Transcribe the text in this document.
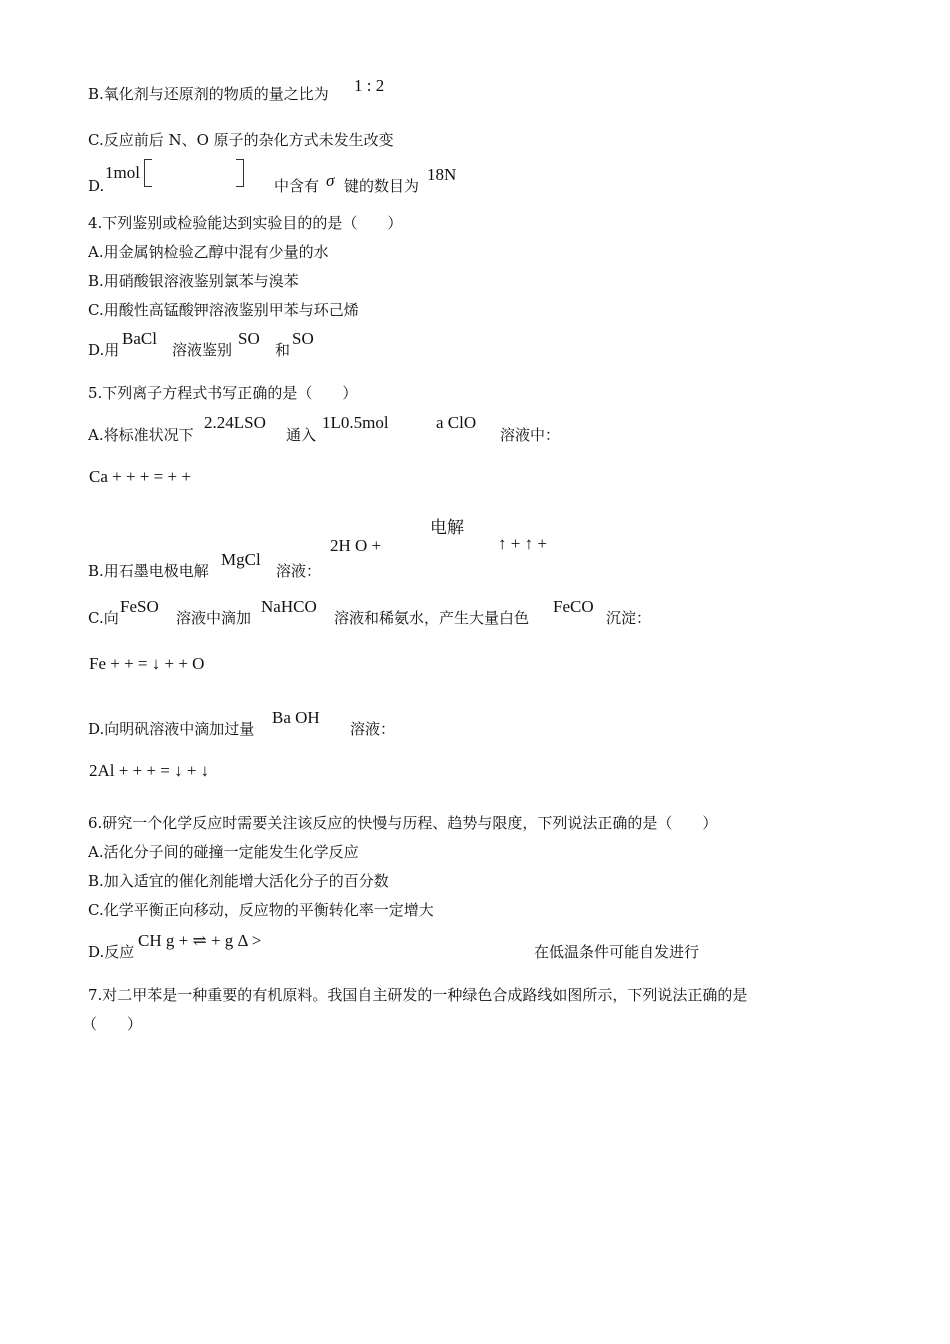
B.氧化剂与还原剂的物质的量之比为 1 : 2
C.反应前后 N、O 原子的杂化方式未发生改变
D.
1mol
中含有 σ 键的数目为
18N
4.下列鉴别或检验能达到实验目的的是（　　）
A.用金属钠检验乙醇中混有少量的水
B.用硝酸银溶液鉴别氯苯与溴苯
C.用酸性高锰酸钾溶液鉴别甲苯与环己烯
D.用
BaCl
溶液鉴别
SO
和
SO
5.下列离子方程式书写正确的是（　　）
A.将标准状况下
2.24LSO
通入
1L0.5mol	a ClO
溶液中：
Ca + + + = + +
2H O +
电解
↑ + ↑ +
B.用石墨电极电解
MgCl
溶液：
C.向
FeSO
溶液中滴加
NaHCO
溶液和稀氨水，产生大量白色
FeCO
沉淀：
Fe + + = ↓ + + O
D.向明矾溶液中滴加过量
Ba OH
溶液：
2Al + + + = ↓ + ↓
6.研究一个化学反应时需要关注该反应的快慢与历程、趋势与限度，下列说法正确的是（　　）
A.活化分子间的碰撞一定能发生化学反应
B.加入适宜的催化剂能增大活化分子的百分数
C.化学平衡正向移动，反应物的平衡转化率一定增大
D.反应
CH g + ⇌ + g Δ >
在低温条件可能自发进行
7.对二甲苯是一种重要的有机原料。我国自主研发的一种绿色合成路线如图所示，下列说法正确的是
（　　）
